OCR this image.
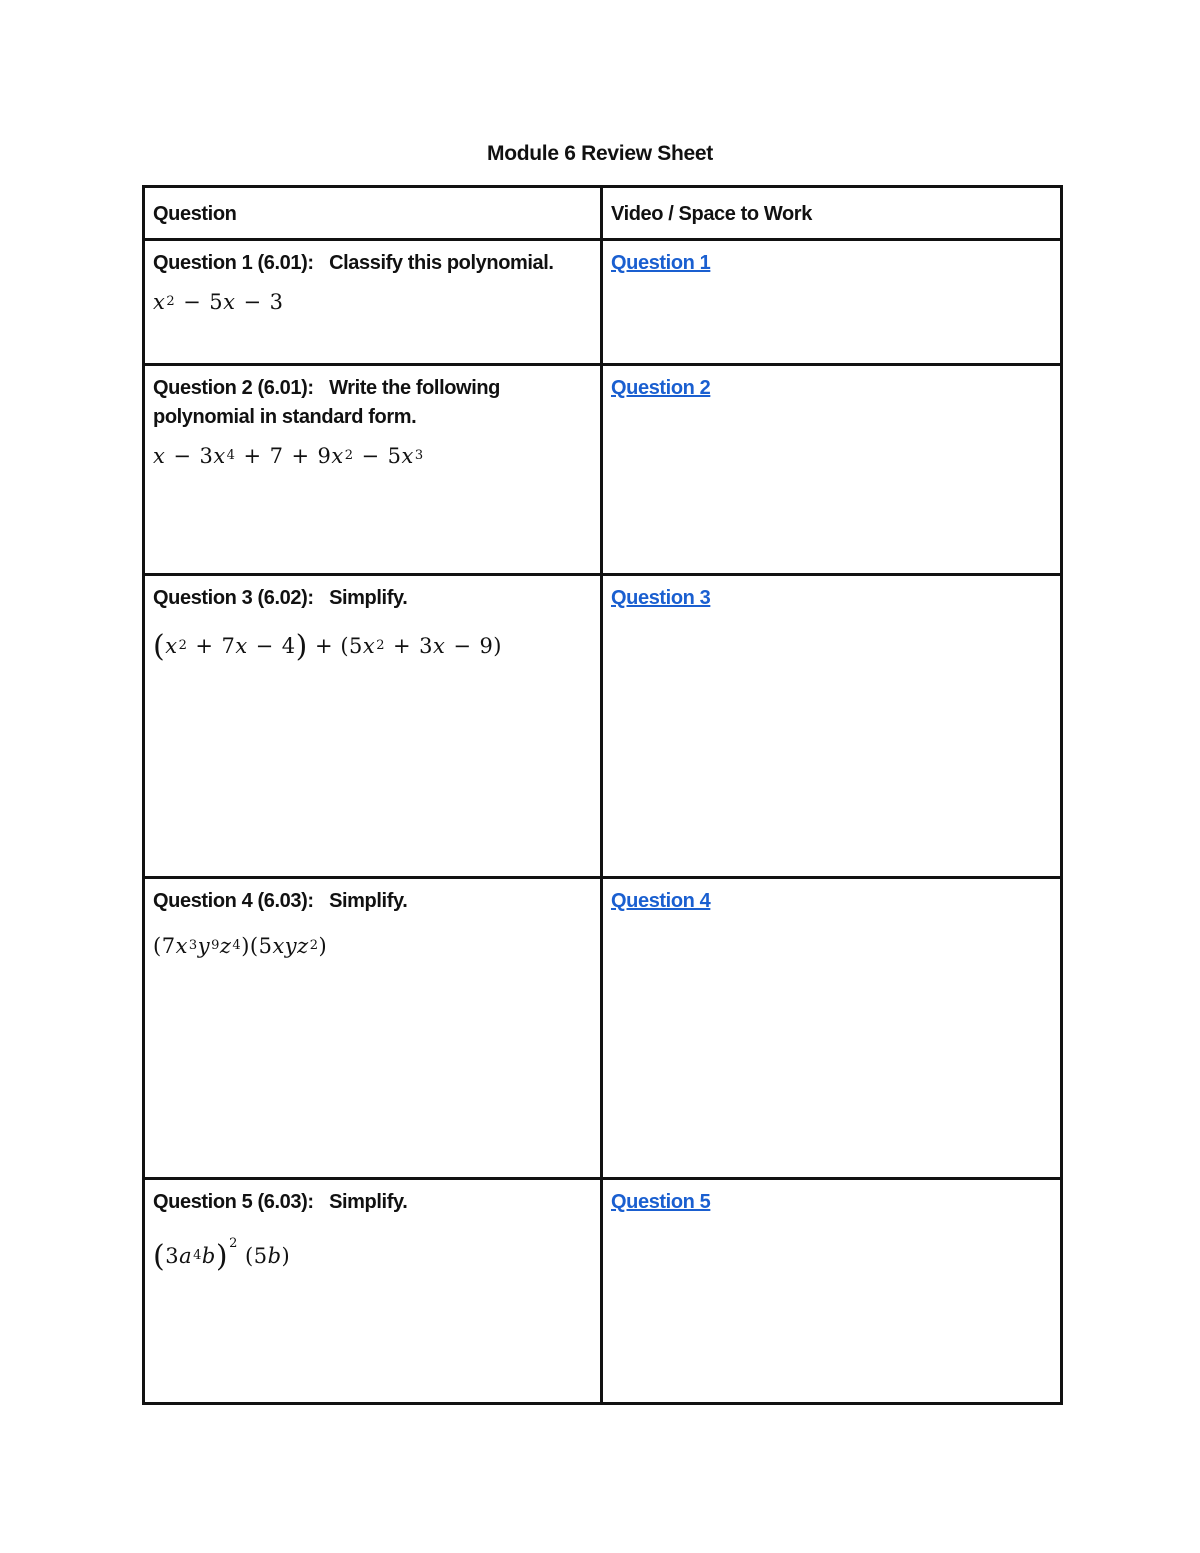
Module 6 Review Sheet
Question	Video / Space to Work

Question 1 (6.01):   Classify this polynomial.
$x^2 - 5x - 3$	Question 1

Question 2 (6.01):   Write the following polynomial in standard form.
$x - 3x^4 + 7 + 9x^2 - 5x^3$	Question 2

Question 3 (6.02):   Simplify.
$(x^2 + 7x - 4) + (5x^2 + 3x - 9)$	Question 3

Question 4 (6.03):   Simplify.
$(7x^3y^9z^4)(5xyz^2)$	Question 4

Question 5 (6.03):   Simplify.
$(3a^4b)^2$ (5b)	Question 5
